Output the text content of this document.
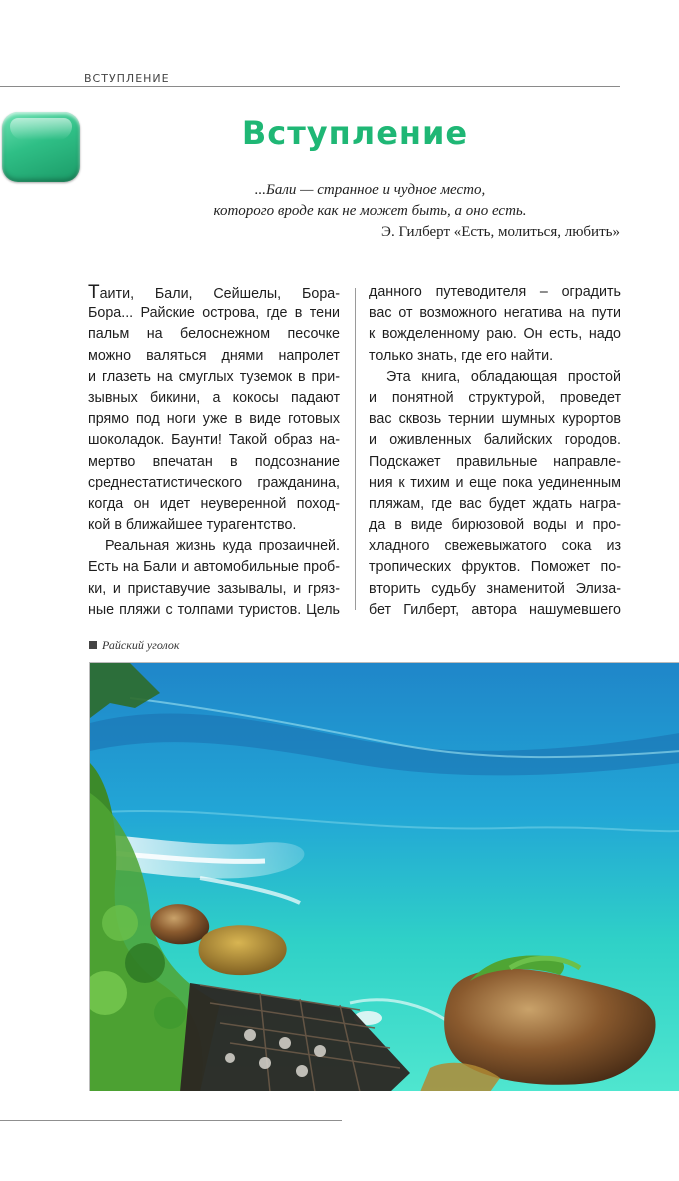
ВСТУПЛЕНИЕ
Вступление
...Бали — странное и чудное место,
которого вроде как не может быть, а оно есть.
Э. Гилберт «Есть, молиться, любить»
Таити, Бали, Сейшелы, Бора-
Бора... Райские острова, где в тени
пальм на белоснежном песочке
можно валяться днями напролет
и глазеть на смуглых туземок в при-
зывных бикини, а кокосы падают
прямо под ноги уже в виде готовых
шоколадок. Баунти! Такой образ на-
мертво впечатан в подсознание
среднестатистического гражданина,
когда он идет неуверенной поход-
кой в ближайшее турагентство.
Реальная жизнь куда прозаичней.
Есть на Бали и автомобильные проб-
ки, и приставучие зазывалы, и гряз-
ные пляжи с толпами туристов. Цель
данного путеводителя – оградить
вас от возможного негатива на пути
к вожделенному раю. Он есть, надо
только знать, где его найти.
Эта книга, обладающая простой
и понятной структурой, проведет
вас сквозь тернии шумных курортов
и оживленных балийских городов.
Подскажет правильные направле-
ния к тихим и еще пока уединенным
пляжам, где вас будет ждать награ-
да в виде бирюзовой воды и про-
хладного свежевыжатого сока из
тропических фруктов. Поможет по-
вторить судьбу знаменитой Элиза-
бет Гилберт, автора нашумевшего
Райский уголок
